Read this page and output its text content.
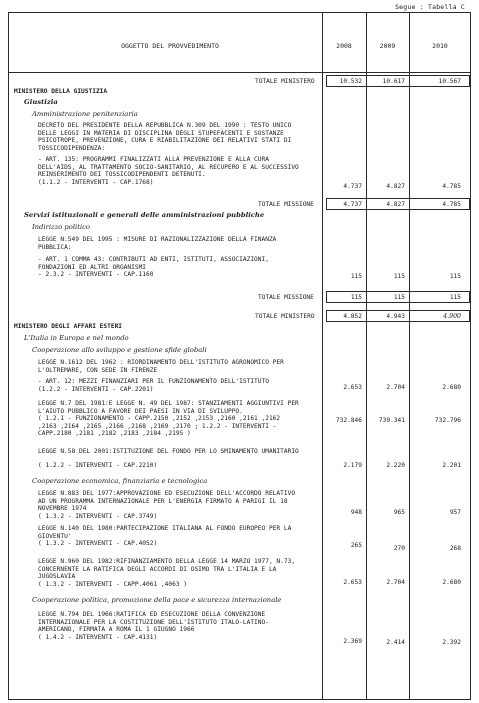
Segue : Tabella C
OGGETTO DEL PROVVEDIMENTO	2008	2009	2010
TOTALE MINISTERO	10.532	10.617	10.567
MINISTERO DELLA GIUSTIZIA
Giustizia
Amministrazione penitenziaria
DECRETO DEL PRESIDENTE DELLA REPUBBLICA N.309 DEL 1990 : TESTO UNICO
DELLE LEGGI IN MATERIA DI DISCIPLINA DEGLI STUPEFACENTI E SOSTANZE
PSICOTROPE, PREVENZIONE, CURA E RIABILITAZIONE DEI RELATIVI STATI DI
TOSSICODIPENDENZA:
- ART. 135: PROGRAMMI FINALIZZATI ALLA PREVENZIONE E ALLA CURA
DELL'AIDS, AL TRATTAMENTO SOCIO-SANITARIO, AL RECUPERO E AL SUCCESSIVO
REINSERIMENTO DEI TOSSICODIPENDENTI DETENUTI.
(1.1.2 - INTERVENTI - CAP.1768)
4.737	4.827	4.785
TOTALE MISSIONE	4.737	4.827	4.785
Servizi istituzionali e generali delle amministrazioni pubbliche
Indirizzo politico
LEGGE N.549 DEL 1995 : MISURE DI RAZIONALIZZAZIONE DELLA FINANZA
PUBBLICA:
- ART. 1 COMMA 43: CONTRIBUTI AD ENTI, ISTITUTI, ASSOCIAZIONI,
FONDAZIONI ED ALTRI ORGANISMI
- 2.3.2 - INTERVENTI - CAP.1160	115	115	115
TOTALE MISSIONE	115	115	115
TOTALE MINISTERO	4.852	4.943	4.900
MINISTERO DEGLI AFFARI ESTERI
L'Italia in Europa e nel mondo
Cooperazione allo sviluppo e gestione sfide globali
LEGGE N.1612 DEL 1962 : RIORDINAMENTO DELL'ISTITUTO AGRONOMICO PER
L'OLTREMARE, CON SEDE IN FIRENZE
- ART. 12: MEZZI FINANZIARI PER IL FUNZIONAMENTO DELL'ISTITUTO
(1.2.2 - INTERVENTI - CAP.2201)	2.653	2.704	2.680
LEGGE N.7 DEL 1981:E LEGGE N. 49 DEL 1987: STANZIAMENTI AGGIUNTIVI PER
L'AIUTO PUBBLICO A FAVORE DEI PAESI IN VIA DI SVILUPPO.
( 1.2.1 - FUNZIONAMENTO - CAPP.2150 ,2152 ,2153 ,2160 ,2161 ,2162
,2163 ,2164 ,2165 ,2166 ,2168 ,2169 ,2170 ; 1.2.2 - INTERVENTI -
CAPP.2180 ,2181 ,2182 ,2183 ,2184 ,2195 )
732.846	739.341	732.796
LEGGE N.58 DEL 2001:ISTITUZIONE DEL FONDO PER LO SMINAMENTO UMANITARIO
( 1.2.2 - INTERVENTI - CAP.2210)	2.179	2.220	2.201
Cooperazione economica, finanziaria e tecnologica
LEGGE N.883 DEL 1977:APPROVAZIONE ED ESECUZIONE DELL'ACCORDO RELATIVO
AD UN PROGRAMMA INTERNAZIONALE PER L'ENERGIA FIRMATO A PARIGI IL 18
NOVEMBRE 1974
( 1.3.2 - INTERVENTI - CAP.3749)
948	965	957
LEGGE N.140 DEL 1980:PARTECIPAZIONE ITALIANA AL FONDO EUROPEO PER LA
GIOVENTU'
( 1.3.2 - INTERVENTI - CAP.4052)	265	270	268
LEGGE N.960 DEL 1982:RIFINANZIAMENTO DELLA LEGGE 14 MARZO 1977, N.73,
CONCERNENTE LA RATIFICA DEGLI ACCORDI DI OSIMO TRA L'ITALIA E LA
JUGOSLAVIA
( 1.3.2 - INTERVENTI - CAPP.4061 ,4063 )	2.653	2.704	2.680
Cooperazione politica, promozione della pace e sicurezza internazionale
LEGGE N.794 DEL 1966:RATIFICA ED ESECUZIONE DELLA CONVENZIONE
INTERNAZIONALE PER LA COSTITUZIONE DELL'ISTITUTO ITALO-LATINO-
AMERICANO, FIRMATA A ROMA IL 1 GIUGNO 1966
( 1.4.2 - INTERVENTI - CAP.4131)
2.369	2.414	2.392
